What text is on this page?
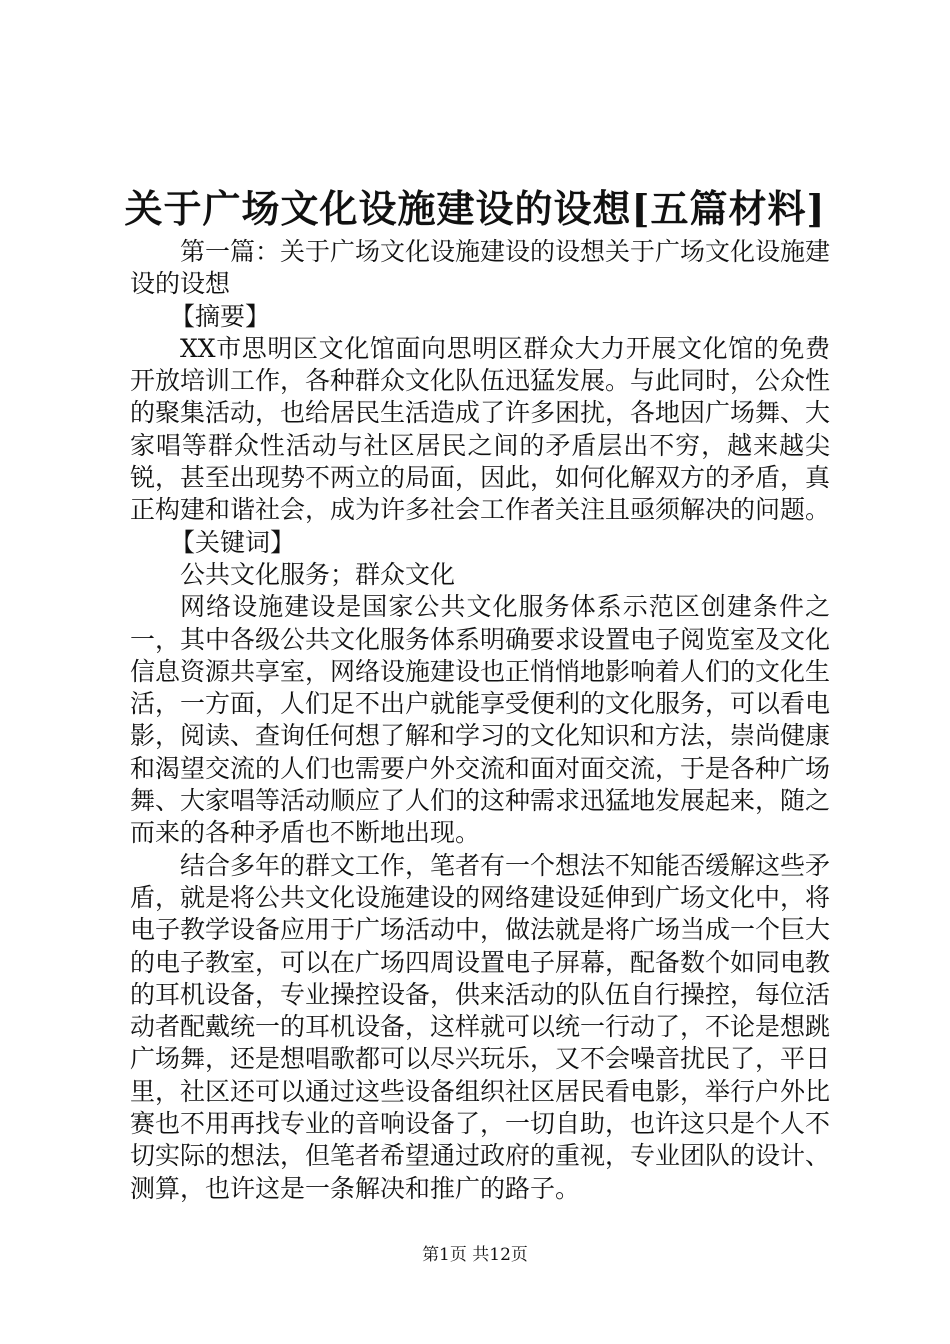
关于广场文化设施建设的设想[五篇材料]

第一篇：关于广场文化设施建设的设想关于广场文化设施建设的设想

【摘要】

XX市思明区文化馆面向思明区群众大力开展文化馆的免费开放培训工作，各种群众文化队伍迅猛发展。与此同时，公众性的聚集活动，也给居民生活造成了许多困扰，各地因广场舞、大家唱等群众性活动与社区居民之间的矛盾层出不穷，越来越尖锐，甚至出现势不两立的局面，因此，如何化解双方的矛盾，真正构建和谐社会，成为许多社会工作者关注且亟须解决的问题。

【关键词】

公共文化服务；群众文化

网络设施建设是国家公共文化服务体系示范区创建条件之一，其中各级公共文化服务体系明确要求设置电子阅览室及文化信息资源共享室，网络设施建设也正悄悄地影响着人们的文化生活，一方面，人们足不出户就能享受便利的文化服务，可以看电影，阅读、查询任何想了解和学习的文化知识和方法，崇尚健康和渴望交流的人们也需要户外交流和面对面交流，于是各种广场舞、大家唱等活动顺应了人们的这种需求迅猛地发展起来，随之而来的各种矛盾也不断地出现。

结合多年的群文工作，笔者有一个想法不知能否缓解这些矛盾，就是将公共文化设施建设的网络建设延伸到广场文化中，将电子教学设备应用于广场活动中，做法就是将广场当成一个巨大的电子教室，可以在广场四周设置电子屏幕，配备数个如同电教的耳机设备，专业操控设备，供来活动的队伍自行操控，每位活动者配戴统一的耳机设备，这样就可以统一行动了，不论是想跳广场舞，还是想唱歌都可以尽兴玩乐，又不会噪音扰民了，平日里，社区还可以通过这些设备组织社区居民看电影，举行户外比赛也不用再找专业的音响设备了，一切自助，也许这只是个人不切实际的想法，但笔者希望通过政府的重视，专业团队的设计、测算，也许这是一条解决和推广的路子。

第1页 共12页
